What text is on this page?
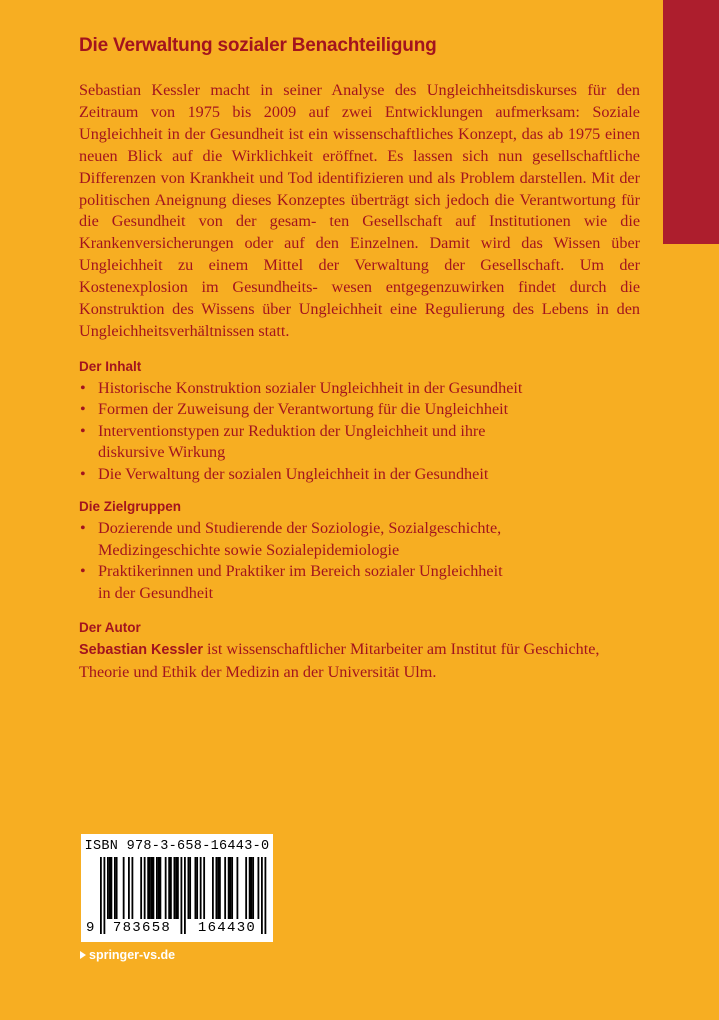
Die Verwaltung sozialer Benachteiligung

Sebastian Kessler macht in seiner Analyse des Ungleichheitsdiskurses für den Zeitraum von 1975 bis 2009 auf zwei Entwicklungen aufmerksam: Soziale Ungleichheit in der Gesundheit ist ein wissenschaftliches Konzept, das ab 1975 einen neuen Blick auf die Wirklichkeit eröffnet. Es lassen sich nun gesellschaftliche Differenzen von Krankheit und Tod identifizieren und als Problem darstellen. Mit der politischen Aneignung dieses Konzeptes überträgt sich jedoch die Verantwortung für die Gesundheit von der gesam- ten Gesellschaft auf Institutionen wie die Krankenversicherungen oder auf den Einzelnen. Damit wird das Wissen über Ungleichheit zu einem Mittel der Verwaltung der Gesellschaft. Um der Kostenexplosion im Gesundheits- wesen entgegenzuwirken findet durch die Konstruktion des Wissens über Ungleichheit eine Regulierung des Lebens in den Ungleichheitsverhältnissen statt.

Der Inhalt
• Historische Konstruktion sozialer Ungleichheit in der Gesundheit
• Formen der Zuweisung der Verantwortung für die Ungleichheit
• Interventionstypen zur Reduktion der Ungleichheit und ihre
diskursive Wirkung
• Die Verwaltung der sozialen Ungleichheit in der Gesundheit
Die Zielgruppen
• Dozierende und Studierende der Soziologie, Sozialgeschichte,
Medizingeschichte sowie Sozialepidemiologie
• Praktikerinnen und Praktiker im Bereich sozialer Ungleichheit
in der Gesundheit
Der Autor

Sebastian Kessler ist wissenschaftlicher Mitarbeiter am Institut für Geschichte,
Theorie und Ethik der Medizin an der Universität Ulm.

ISBN 978-3-658-16443-0
9	783658	164430
springer-vs.de
